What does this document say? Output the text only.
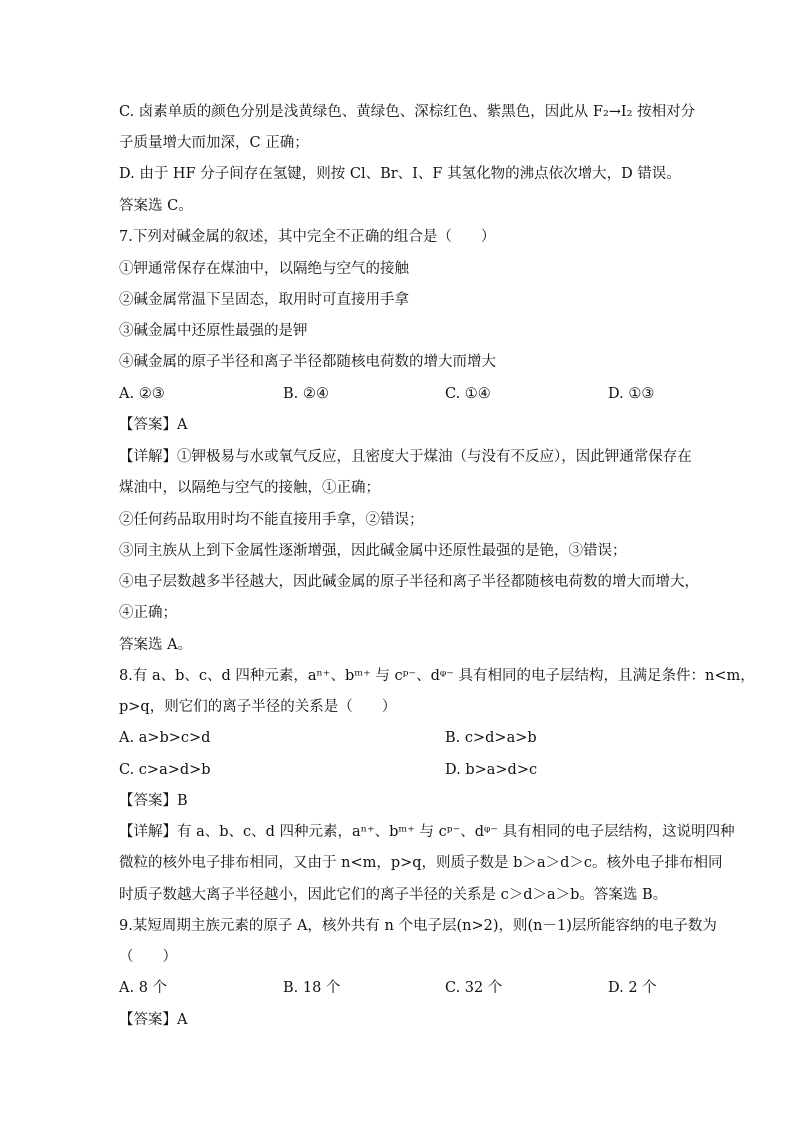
C. 卤素单质的颜色分别是浅黄绿色、黄绿色、深棕红色、紫黑色，因此从 F₂→I₂ 按相对分
子质量增大而加深，C 正确；
D. 由于 HF 分子间存在氢键，则按 Cl、Br、I、F 其氢化物的沸点依次增大，D 错误。
答案选 C。
7.下列对碱金属的叙述，其中完全不正确的组合是（　　）
①钾通常保存在煤油中，以隔绝与空气的接触
②碱金属常温下呈固态，取用时可直接用手拿
③碱金属中还原性最强的是钾
④碱金属的原子半径和离子半径都随核电荷数的增大而增大
A. ②③	B. ②④	C. ①④	D. ①③
【答案】A
【详解】①钾极易与水或氧气反应，且密度大于煤油（与没有不反应），因此钾通常保存在
煤油中，以隔绝与空气的接触，①正确；
②任何药品取用时均不能直接用手拿，②错误；
③同主族从上到下金属性逐渐增强，因此碱金属中还原性最强的是铯，③错误；
④电子层数越多半径越大，因此碱金属的原子半径和离子半径都随核电荷数的增大而增大，
④正确；
答案选 A。
8.有 a、b、c、d 四种元素，aⁿ⁺、bᵐ⁺ 与 cᵖ⁻、dᵠ⁻ 具有相同的电子层结构，且满足条件：n<m，
p>q，则它们的离子半径的关系是（　　）
A. a>b>c>d	B. c>d>a>b
C. c>a>d>b	D. b>a>d>c
【答案】B
【详解】有 a、b、c、d 四种元素，aⁿ⁺、bᵐ⁺ 与 cᵖ⁻、dᵠ⁻ 具有相同的电子层结构，这说明四种
微粒的核外电子排布相同，又由于 n<m，p>q，则质子数是 b＞a＞d＞c。核外电子排布相同
时质子数越大离子半径越小，因此它们的离子半径的关系是 c＞d＞a＞b。答案选 B。
9.某短周期主族元素的原子 A，核外共有 n 个电子层(n>2)，则(n－1)层所能容纳的电子数为
（　　）
A. 8 个	B. 18 个	C. 32 个	D. 2 个
【答案】A
